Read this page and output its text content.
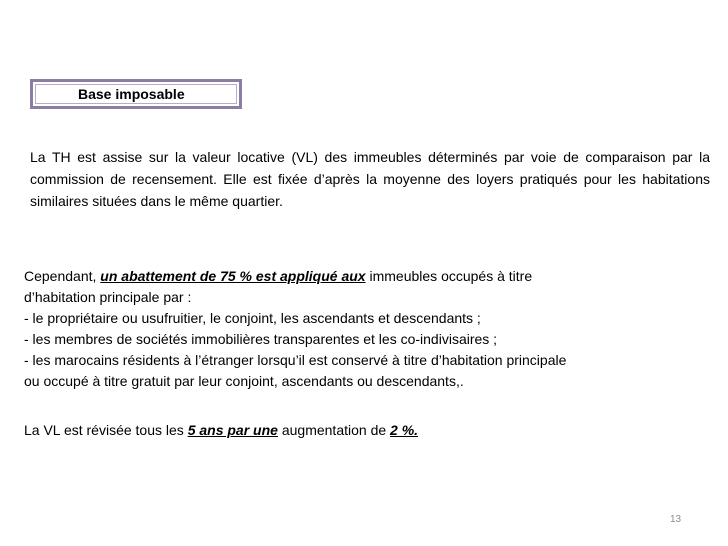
Base imposable
La TH est assise sur la valeur locative (VL) des immeubles déterminés par voie de comparaison par la commission de recensement. Elle est fixée d’après la moyenne des loyers pratiqués pour les habitations similaires situées dans le même quartier.
Cependant, un abattement de 75 % est appliqué aux immeubles occupés à titre
d’habitation principale par :
- le propriétaire ou usufruitier, le conjoint, les ascendants et descendants ;
- les membres de sociétés immobilières transparentes et les co-indivisaires ;
- les marocains résidents à l’étranger lorsqu’il est conservé à titre d’habitation principale
ou occupé à titre gratuit par leur conjoint, ascendants ou descendants,.
La VL est révisée tous les 5 ans par une augmentation de 2 %.
13
